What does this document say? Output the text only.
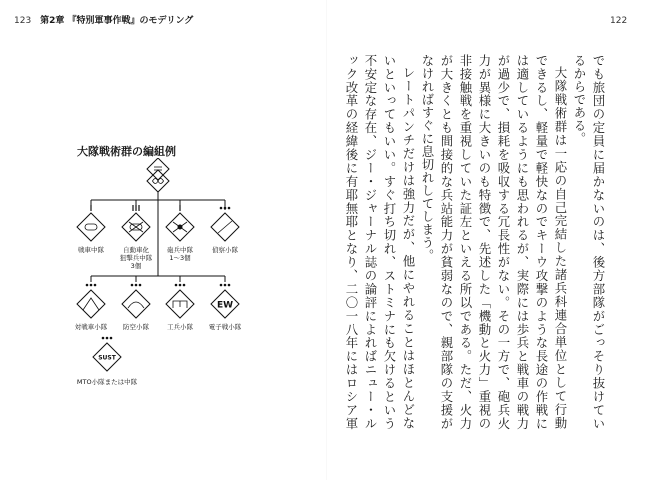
123 第2章 『特別軍事作戦』のモデリング	122
大隊戦術群の編組例
戦車中隊	自動車化狙撃兵中隊 3個
砲兵中隊 1〜3個
偵察小隊
対戦車小隊 防空小隊	工兵小隊
EW
電子戦小隊
SUST
MTO小隊または中隊	でも旅団の定員に届かないのは、後方部隊がごっそり抜けているからである。

大隊戦術群は一応の自己完結した諸兵科連合単位として行動できるし、軽量で軽快なのでキーウ攻撃のような長途の作戦には適しているようにも思われるが、実際には歩兵と戦車の戦力が過少で、損耗を吸収する冗長性がない。その一方で、砲兵火力が異様に大きいのも特徴で、先述した「機動と火力」重視の非接触戦を重視していた証左といえる所以である。ただ、火力が大きくとも間接的な兵站能力が貧弱なので、親部隊の支援がなければすぐに息切れしてしまう。

レートパンチだけは強力だが、他にやれることはほとんどないといってもいい。すぐ打ち切れ、ストミナにも欠けるという不安定な存在、ジー・ジャーナル誌の論評によればニュー・ルック改革の経緯後に有耶無耶となり、二〇一八年にはロシア軍
